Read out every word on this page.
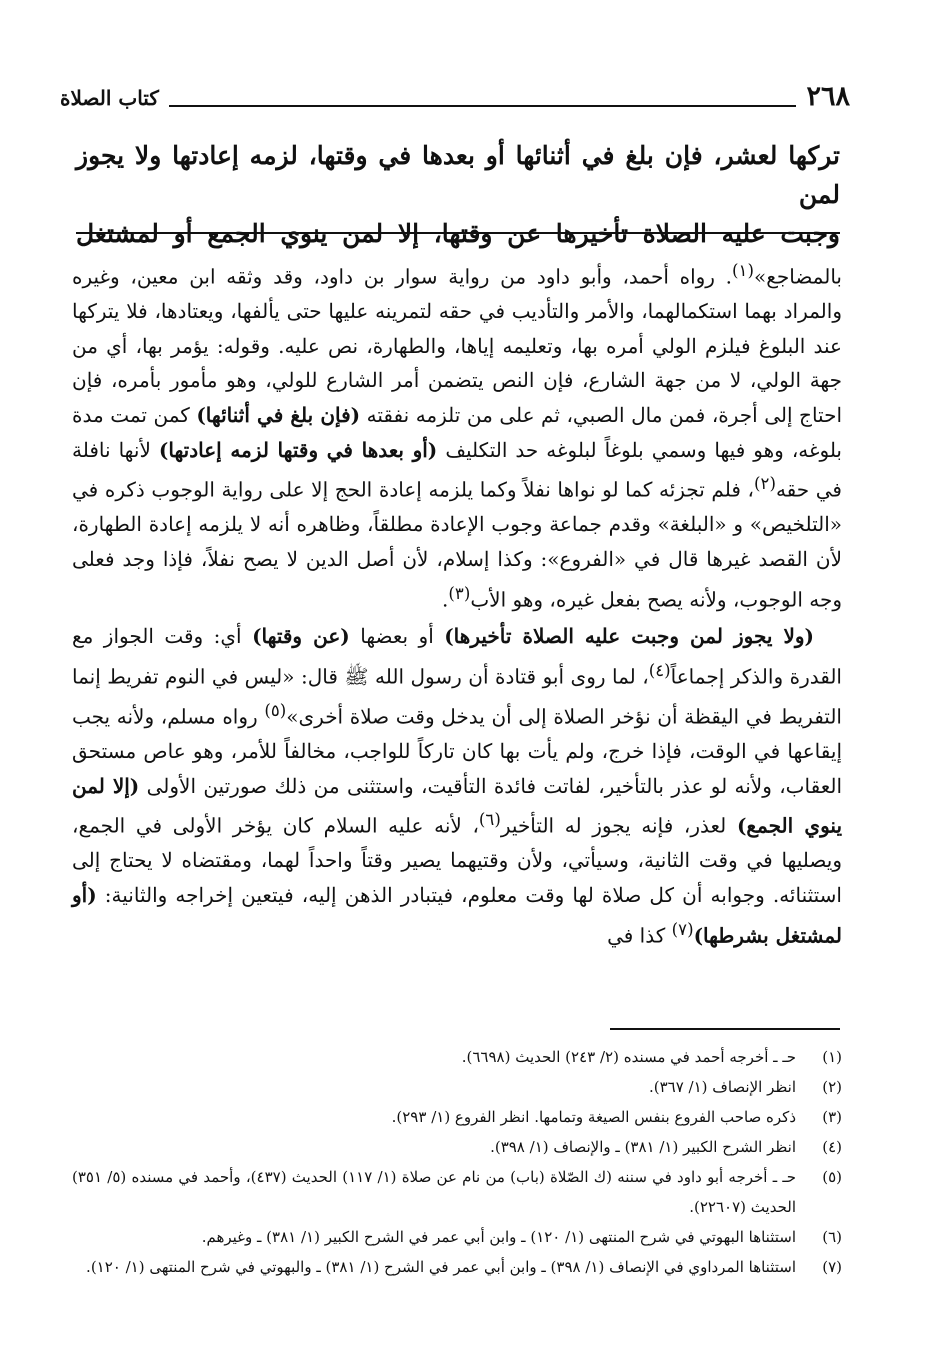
٢٦٨
كتاب الصلاة
تركها لعشر، فإن بلغ في أثنائها أو بعدها في وقتها، لزمه إعادتها ولا يجوز لمن
وجبت عليه الصلاة تأخيرها عن وقتها، إلا لمن ينوي الجمع أو لمشتغل

بالمضاجع»$^{(١)}$. رواه أحمد، وأبو داود من رواية سوار بن داود، وقد وثقه ابن معين، وغيره والمراد بهما استكمالهما، والأمر والتأديب في حقه لتمرينه عليها حتى يألفها، ويعتادها، فلا يتركها عند البلوغ فيلزم الولي أمره بها، وتعليمه إياها، والطهارة، نص عليه. وقوله: يؤمر بها، أي من جهة الولي، لا من جهة الشارع، فإن النص يتضمن أمر الشارع للولي، وهو مأمور بأمره، فإن احتاج إلى أجرة، فمن مال الصبي، ثم على من تلزمه نفقته (فإن بلغ في أثنائها) كمن تمت مدة بلوغه، وهو فيها وسمي بلوغاً لبلوغه حد التكليف (أو بعدها في وقتها لزمه إعادتها) لأنها نافلة في حقه$^{(٢)}$، فلم تجزئه كما لو نواها نفلاً وكما يلزمه إعادة الحج إلا على رواية الوجوب ذكره في «التلخيص» و «البلغة» وقدم جماعة وجوب الإعادة مطلقاً، وظاهره أنه لا يلزمه إعادة الطهارة، لأن القصد غيرها قال في «الفروع»: وكذا إسلام، لأن أصل الدين لا يصح نفلاً، فإذا وجد فعلى وجه الوجوب، ولأنه يصح بفعل غيره، وهو الأب$^{(٣)}$.

(ولا يجوز لمن وجبت عليه الصلاة تأخيرها) أو بعضها (عن وقتها) أي: وقت الجواز مع القدرة والذكر إجماعاً$^{(٤)}$، لما روى أبو قتادة أن رسول الله ﷺ قال: «ليس في النوم تفريط إنما التفريط في اليقظة أن نؤخر الصلاة إلى أن يدخل وقت صلاة أخرى»$^{(٥)}$ رواه مسلم، ولأنه يجب إيقاعها في الوقت، فإذا خرج، ولم يأت بها كان تاركاً للواجب، مخالفاً للأمر، وهو عاص مستحق العقاب، ولأنه لو عذر بالتأخير، لفاتت فائدة التأقيت، واستثنى من ذلك صورتين الأولى (إلا لمن ينوي الجمع) لعذر، فإنه يجوز له التأخير$^{(٦)}$، لأنه عليه السلام كان يؤخر الأولى في الجمع، ويصليها في وقت الثانية، وسيأتي، ولأن وقتيهما يصير وقتاً واحداً لهما، ومقتضاه لا يحتاج إلى استثنائه. وجوابه أن كل صلاة لها وقت معلوم، فيتبادر الذهن إليه، فيتعين إخراجه والثانية: (أو لمشتغل بشرطها)$^{(٧)}$ كذا في

(١)
حـ ـ أخرجه أحمد في مسنده (٢/ ٢٤٣) الحديث (٦٦٩٨).
(٢)
انظر الإنصاف (١/ ٣٦٧).
(٣)
ذكره صاحب الفروع بنفس الصيغة وتمامها. انظر الفروع (١/ ٢٩٣).
(٤)
انظر الشرح الكبير (١/ ٣٨١) ـ والإنصاف (١/ ٣٩٨).
(٥)
حـ ـ أخرجه أبو داود في سننه (ك الصّلاة (باب) من نام عن صلاة (١/ ١١٧) الحديث (٤٣٧)، وأحمد في مسنده (٥/ ٣٥١) الحديث (٢٢٦٠٧).
(٦)
استثناها البهوتي في شرح المنتهى (١/ ١٢٠) ـ وابن أبي عمر في الشرح الكبير (١/ ٣٨١) ـ وغيرهم.
(٧)
استثناها المرداوي في الإنصاف (١/ ٣٩٨) ـ وابن أبي عمر في الشرح (١/ ٣٨١) ـ والبهوتي في شرح المنتهى (١/ ١٢٠).
